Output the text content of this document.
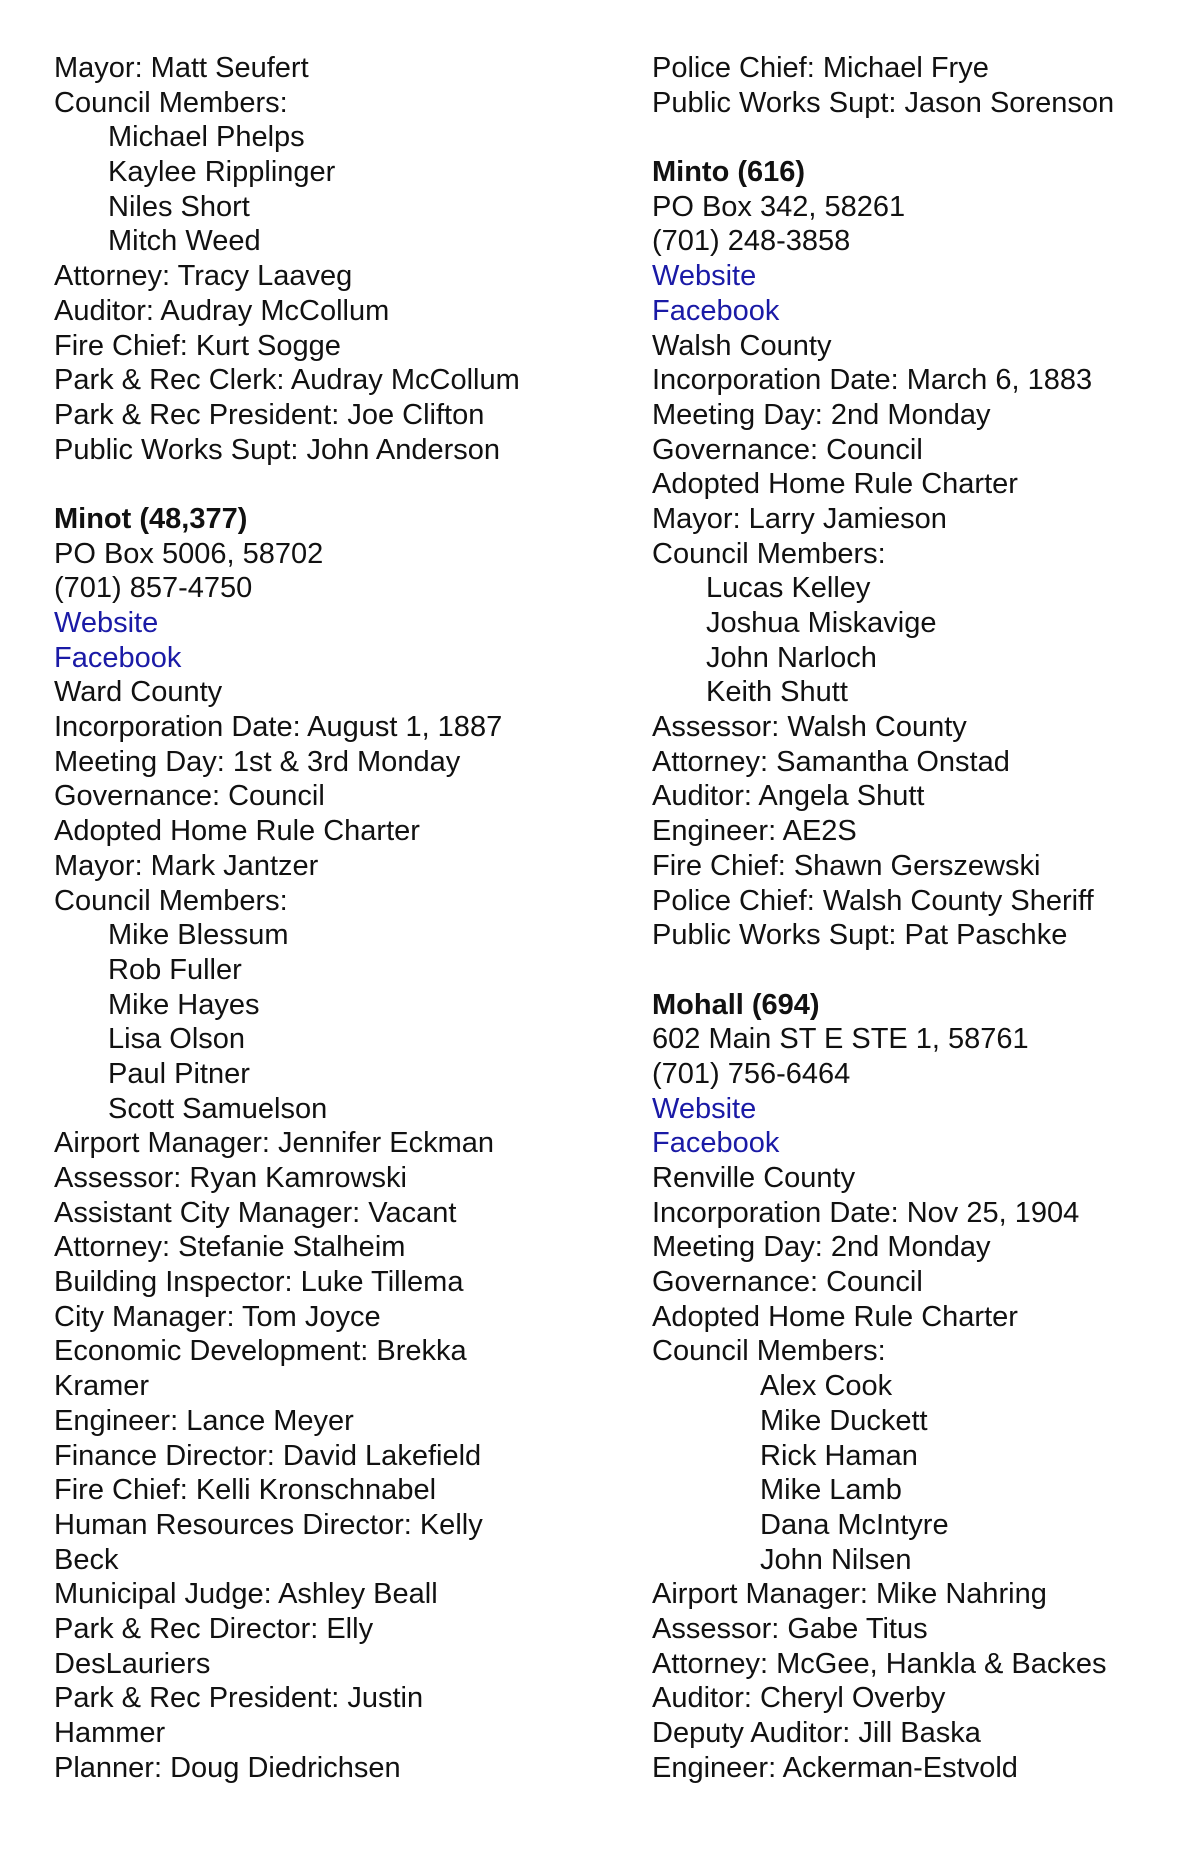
Mayor: Matt Seufert
Council Members:
Michael Phelps
Kaylee Ripplinger
Niles Short
Mitch Weed
Attorney: Tracy Laaveg
Auditor: Audray McCollum
Fire Chief: Kurt Sogge
Park & Rec Clerk: Audray McCollum
Park & Rec President: Joe Clifton
Public Works Supt: John Anderson
Minot (48,377)
PO Box 5006, 58702
(701) 857-4750
Website
Facebook
Ward County
Incorporation Date: August 1, 1887
Meeting Day: 1st & 3rd Monday
Governance: Council
Adopted Home Rule Charter
Mayor: Mark Jantzer
Council Members:
Mike Blessum
Rob Fuller
Mike Hayes
Lisa Olson
Paul Pitner
Scott Samuelson
Airport Manager: Jennifer Eckman
Assessor: Ryan Kamrowski
Assistant City Manager: Vacant
Attorney: Stefanie Stalheim
Building Inspector: Luke Tillema
City Manager: Tom Joyce
Economic Development: Brekka
Kramer
Engineer: Lance Meyer
Finance Director: David Lakefield
Fire Chief: Kelli Kronschnabel
Human Resources Director: Kelly
Beck
Municipal Judge: Ashley Beall
Park & Rec Director: Elly
DesLauriers
Park & Rec President: Justin
Hammer
Planner: Doug Diedrichsen
Police Chief: Michael Frye
Public Works Supt: Jason Sorenson
Minto (616)
PO Box 342, 58261
(701) 248-3858
Website
Facebook
Walsh County
Incorporation Date: March 6, 1883
Meeting Day: 2nd Monday
Governance: Council
Adopted Home Rule Charter
Mayor: Larry Jamieson
Council Members:
Lucas Kelley
Joshua Miskavige
John Narloch
Keith Shutt
Assessor: Walsh County
Attorney: Samantha Onstad
Auditor: Angela Shutt
Engineer: AE2S
Fire Chief: Shawn Gerszewski
Police Chief: Walsh County Sheriff
Public Works Supt: Pat Paschke
Mohall (694)
602 Main ST E STE 1, 58761
(701) 756-6464
Website
Facebook
Renville County
Incorporation Date: Nov 25, 1904
Meeting Day: 2nd Monday
Governance: Council
Adopted Home Rule Charter
Council Members:
Alex Cook
Mike Duckett
Rick Haman
Mike Lamb
Dana McIntyre
John Nilsen
Airport Manager: Mike Nahring
Assessor: Gabe Titus
Attorney: McGee, Hankla & Backes
Auditor: Cheryl Overby
Deputy Auditor: Jill Baska
Engineer: Ackerman-Estvold
